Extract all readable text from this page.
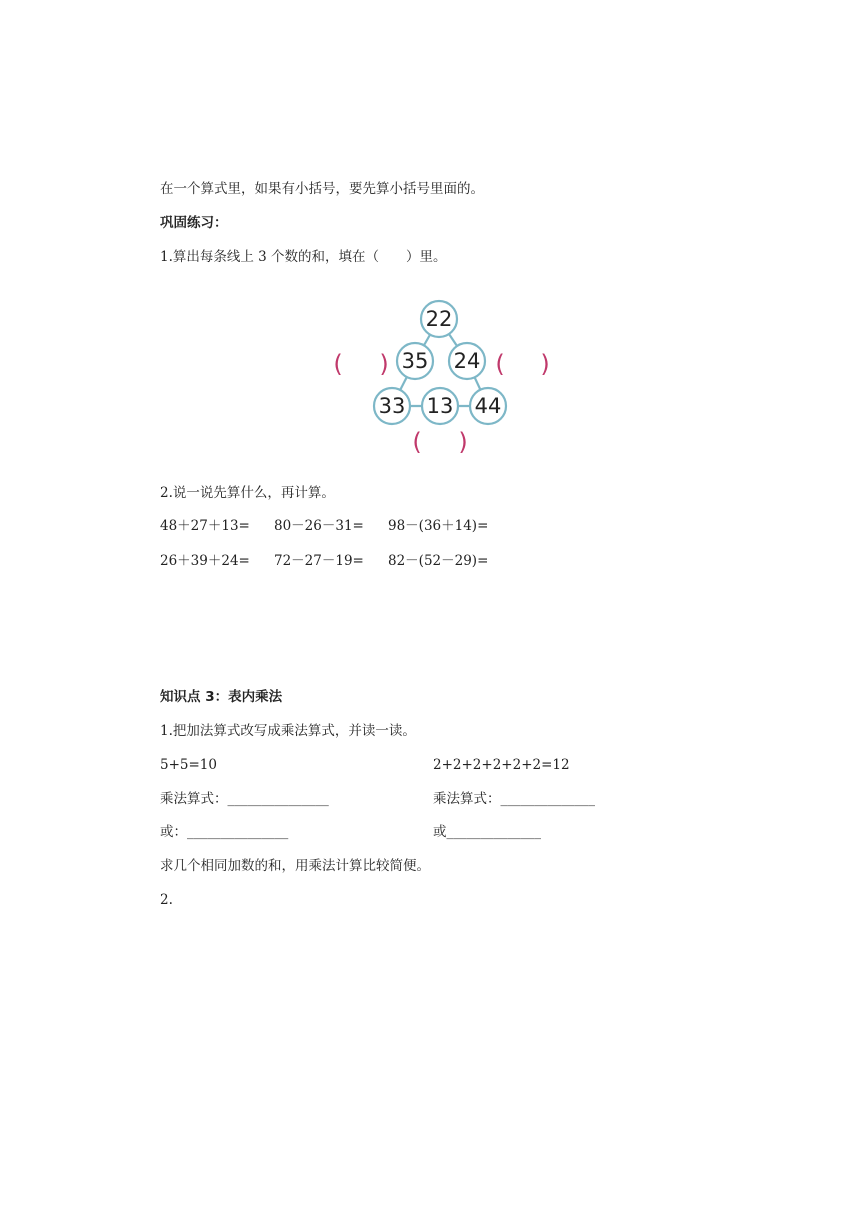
在一个算式里，如果有小括号，要先算小括号里面的。
巩固练习：
1.算出每条线上 3 个数的和，填在（　　）里。
22
35 24
33 13 44
( )	( )
( )
2.说一说先算什么，再计算。
48＋27＋13= 80－26－31= 98－(36＋14)=
26＋39＋24= 72－27－19= 82－(52－29)=
知识点 3：表内乘法
1.把加法算式改写成乘法算式，并读一读。
5+5=10	2+2+2+2+2+2=12
乘法算式：_______________	乘法算式：______________
或：_______________	或______________
求几个相同加数的和，用乘法计算比较简便。
2.
